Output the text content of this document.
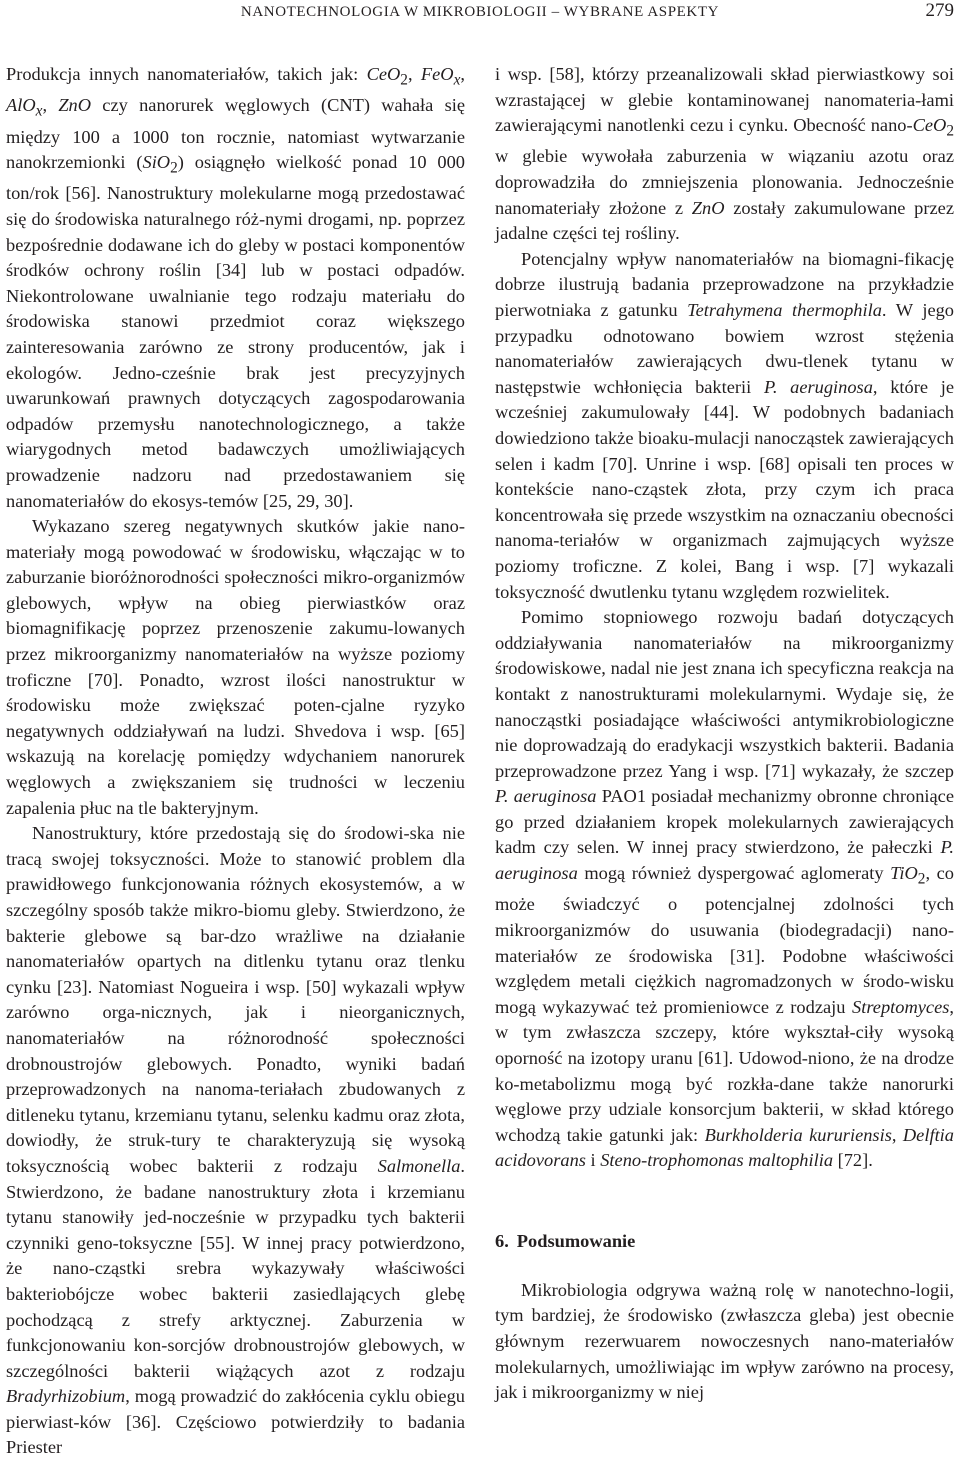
NANOTECHNOLOGIA W MIKROBIOLOGII – WYBRANE ASPEKTY	279

Produkcja innych nanomateriałów, takich jak: CeO$_2$, FeO$_x$, AlO$_x$, ZnO czy nanorurek węglowych (CNT) wahała się między 100 a 1000 ton rocznie, natomiast wytwarzanie nanokrzemionki (SiO$_2$) osiągnęło wielkość ponad 10 000 ton/rok [56]. Nanostruktury molekularne mogą przedostawać się do środowiska naturalnego róż-nymi drogami, np. poprzez bezpośrednie dodawane ich do gleby w postaci komponentów środków ochrony roślin [34] lub w postaci odpadów. Niekontrolowane uwalnianie tego rodzaju materiału do środowiska stanowi przedmiot coraz większego zainteresowania zarówno ze strony producentów, jak i ekologów. Jedno-cześnie brak jest precyzyjnych uwarunkowań prawnych dotyczących zagospodarowania odpadów przemysłu nanotechnologicznego, a także wiarygodnych metod badawczych umożliwiających prowadzenie nadzoru nad przedostawaniem się nanomateriałów do ekosys-temów [25, 29, 30].

Wykazano szereg negatywnych skutków jakie nano-materiały mogą powodować w środowisku, włączając w to zaburzanie bioróżnorodności społeczności mikro-organizmów glebowych, wpływ na obieg pierwiastków oraz biomagnifikację poprzez przenoszenie zakumu-lowanych przez mikroorganizmy nanomateriałów na wyższe poziomy troficzne [70]. Ponadto, wzrost ilości nanostruktur w środowisku może zwiększać poten-cjalne ryzyko negatywnych oddziaływań na ludzi. Shvedova i wsp. [65] wskazują na korelację pomiędzy wdychaniem nanorurek węglowych a zwiększaniem się trudności w leczeniu zapalenia płuc na tle bakteryjnym.

Nanostruktury, które przedostają się do środowi-ska nie tracą swojej toksyczności. Może to stanowić problem dla prawidłowego funkcjonowania różnych ekosystemów, a w szczególny sposób także mikro-biomu gleby. Stwierdzono, że bakterie glebowe są bar-dzo wrażliwe na działanie nanomateriałów opartych na ditlenku tytanu oraz tlenku cynku [23]. Natomiast Nogueira i wsp. [50] wykazali wpływ zarówno orga-nicznych, jak i nieorganicznych, nanomateriałów na różnorodność społeczności drobnoustrojów glebowych. Ponadto, wyniki badań przeprowadzonych na nanoma-teriałach zbudowanych z ditleneku tytanu, krzemianu tytanu, selenku kadmu oraz złota, dowiodły, że struk-tury te charakteryzują się wysoką toksycznością wobec bakterii z rodzaju Salmonella. Stwierdzono, że badane nanostruktury złota i krzemianu tytanu stanowiły jed-nocześnie w przypadku tych bakterii czynniki geno-toksyczne [55]. W innej pracy potwierdzono, że nano-cząstki srebra wykazywały właściwości bakteriobójcze wobec bakterii zasiedlających glebę pochodzącą z strefy arktycznej. Zaburzenia w funkcjonowaniu kon-sorcjów drobnoustrojów glebowych, w szczególności bakterii wiążących azot z rodzaju Bradyrhizobium, mogą prowadzić do zakłócenia cyklu obiegu pierwiast-ków [36]. Częściowo potwierdziły to badania Priester

i wsp. [58], którzy przeanalizowali skład pierwiastkowy soi wzrastającej w glebie kontaminowanej nanomateria-łami zawierającymi nanotlenki cezu i cynku. Obecność nano-CeO$_2$ w glebie wywołała zaburzenia w wiązaniu azotu oraz doprowadziła do zmniejszenia plonowania. Jednocześnie nanomateriały złożone z ZnO zostały zakumulowane przez jadalne części tej rośliny.

Potencjalny wpływ nanomateriałów na biomagni-fikację dobrze ilustrują badania przeprowadzone na przykładzie pierwotniaka z gatunku Tetrahymena thermophila. W jego przypadku odnotowano bowiem wzrost stężenia nanomateriałów zawierających dwu-tlenek tytanu w następstwie wchłonięcia bakterii P. aeruginosa, które je wcześniej zakumulowały [44]. W podobnych badaniach dowiedziono także bioaku-mulacji nanocząstek zawierających selen i kadm [70]. Unrine i wsp. [68] opisali ten proces w kontekście nano-cząstek złota, przy czym ich praca koncentrowała się przede wszystkim na oznaczaniu obecności nanoma-teriałów w organizmach zajmujących wyższe poziomy troficzne. Z kolei, Bang i wsp. [7] wykazali toksyczność dwutlenku tytanu względem rozwielitek.

Pomimo stopniowego rozwoju badań dotyczących oddziaływania nanomateriałów na mikroorganizmy środowiskowe, nadal nie jest znana ich specyficzna reakcja na kontakt z nanostrukturami molekularnymi. Wydaje się, że nanocząstki posiadające właściwości antymikrobiologiczne nie doprowadzają do eradykacji wszystkich bakterii. Badania przeprowadzone przez Yang i wsp. [71] wykazały, że szczep P. aeruginosa PAO1 posiadał mechanizmy obronne chroniące go przed działaniem kropek molekularnych zawierających kadm czy selen. W innej pracy stwierdzono, że pałeczki P. aeruginosa mogą również dyspergować aglomeraty TiO$_2$, co może świadczyć o potencjalnej zdolności tych mikroorganizmów do usuwania (biodegradacji) nano-materiałów ze środowiska [31]. Podobne właściwości względem metali ciężkich nagromadzonych w środo-wisku mogą wykazywać też promieniowce z rodzaju Streptomyces, w tym zwłaszcza szczepy, które wykształ-ciły wysoką oporność na izotopy uranu [61]. Udowod-niono, że na drodze ko-metabolizmu mogą być rozkła-dane także nanorurki węglowe przy udziale konsorcjum bakterii, w skład którego wchodzą takie gatunki jak: Burkholderia kururiensis, Delftia acidovorans i Steno-trophomonas maltophilia [72].

6. Podsumowanie

Mikrobiologia odgrywa ważną rolę w nanotechno-logii, tym bardziej, że środowisko (zwłaszcza gleba) jest obecnie głównym rezerwuarem nowoczesnych nano-materiałów molekularnych, umożliwiając im wpływ zarówno na procesy, jak i mikroorganizmy w niej
